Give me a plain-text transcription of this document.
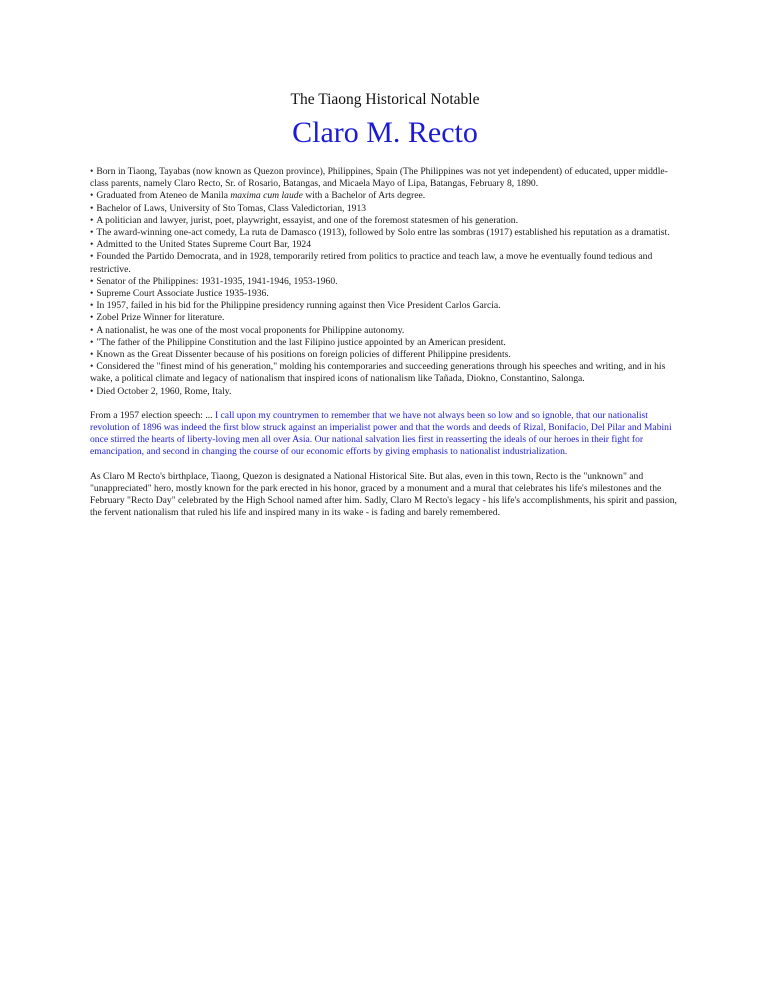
The Tiaong Historical Notable

Claro M. Recto
• Born in Tiaong, Tayabas (now known as Quezon province), Philippines, Spain (The Philippines was not yet independent) of educated, upper middle-class parents, namely Claro Recto, Sr. of Rosario, Batangas, and Micaela Mayo of Lipa, Batangas, February 8, 1890.
• Graduated from Ateneo de Manila maxima cum laude with a Bachelor of Arts degree.
• Bachelor of Laws, University of Sto Tomas, Class Valedictorian, 1913
• A politician and lawyer, jurist, poet, playwright, essayist, and one of the foremost statesmen of his generation.
• The award-winning one-act comedy, La ruta de Damasco (1913), followed by Solo entre las sombras (1917) established his reputation as a dramatist.
• Admitted to the United States Supreme Court Bar, 1924
• Founded the Partido Democrata, and in 1928, temporarily retired from politics to practice and teach law, a move he eventually found tedious and restrictive.
• Senator of the Philippines: 1931-1935, 1941-1946, 1953-1960.
• Supreme Court Associate Justice 1935-1936.
• In 1957, failed in his bid for the Philippine presidency running against then Vice President Carlos Garcia.
• Zobel Prize Winner for literature.
• A nationalist, he was one of the most vocal proponents for Philippine autonomy.
• "The father of the Philippine Constitution and the last Filipino justice appointed by an American president.
• Known as the Great Dissenter because of his positions on foreign policies of different Philippine presidents.
• Considered the "finest mind of his generation," molding his contemporaries and succeeding generations through his speeches and writing, and in his wake, a political climate and legacy of nationalism that inspired icons of nationalism like Tañada, Diokno, Constantino, Salonga.
• Died October 2, 1960, Rome, Italy.

From a 1957 election speech: ... I call upon my countrymen to remember that we have not always been so low and so ignoble, that our nationalist revolution of 1896 was indeed the first blow struck against an imperialist power and that the words and deeds of Rizal, Bonifacio, Del Pilar and Mabini once stirred the hearts of liberty-loving men all over Asia. Our national salvation lies first in reasserting the ideals of our heroes in their fight for emancipation, and second in changing the course of our economic efforts by giving emphasis to nationalist industrialization.

As Claro M Recto's birthplace, Tiaong, Quezon is designated a National Historical Site. But alas, even in this town, Recto is the "unknown" and "unappreciated" hero, mostly known for the park erected in his honor, graced by a monument and a mural that celebrates his life's milestones and the February "Recto Day" celebrated by the High School named after him. Sadly, Claro M Recto's legacy - his life's accomplishments, his spirit and passion, the fervent nationalism that ruled his life and inspired many in its wake - is fading and barely remembered.
